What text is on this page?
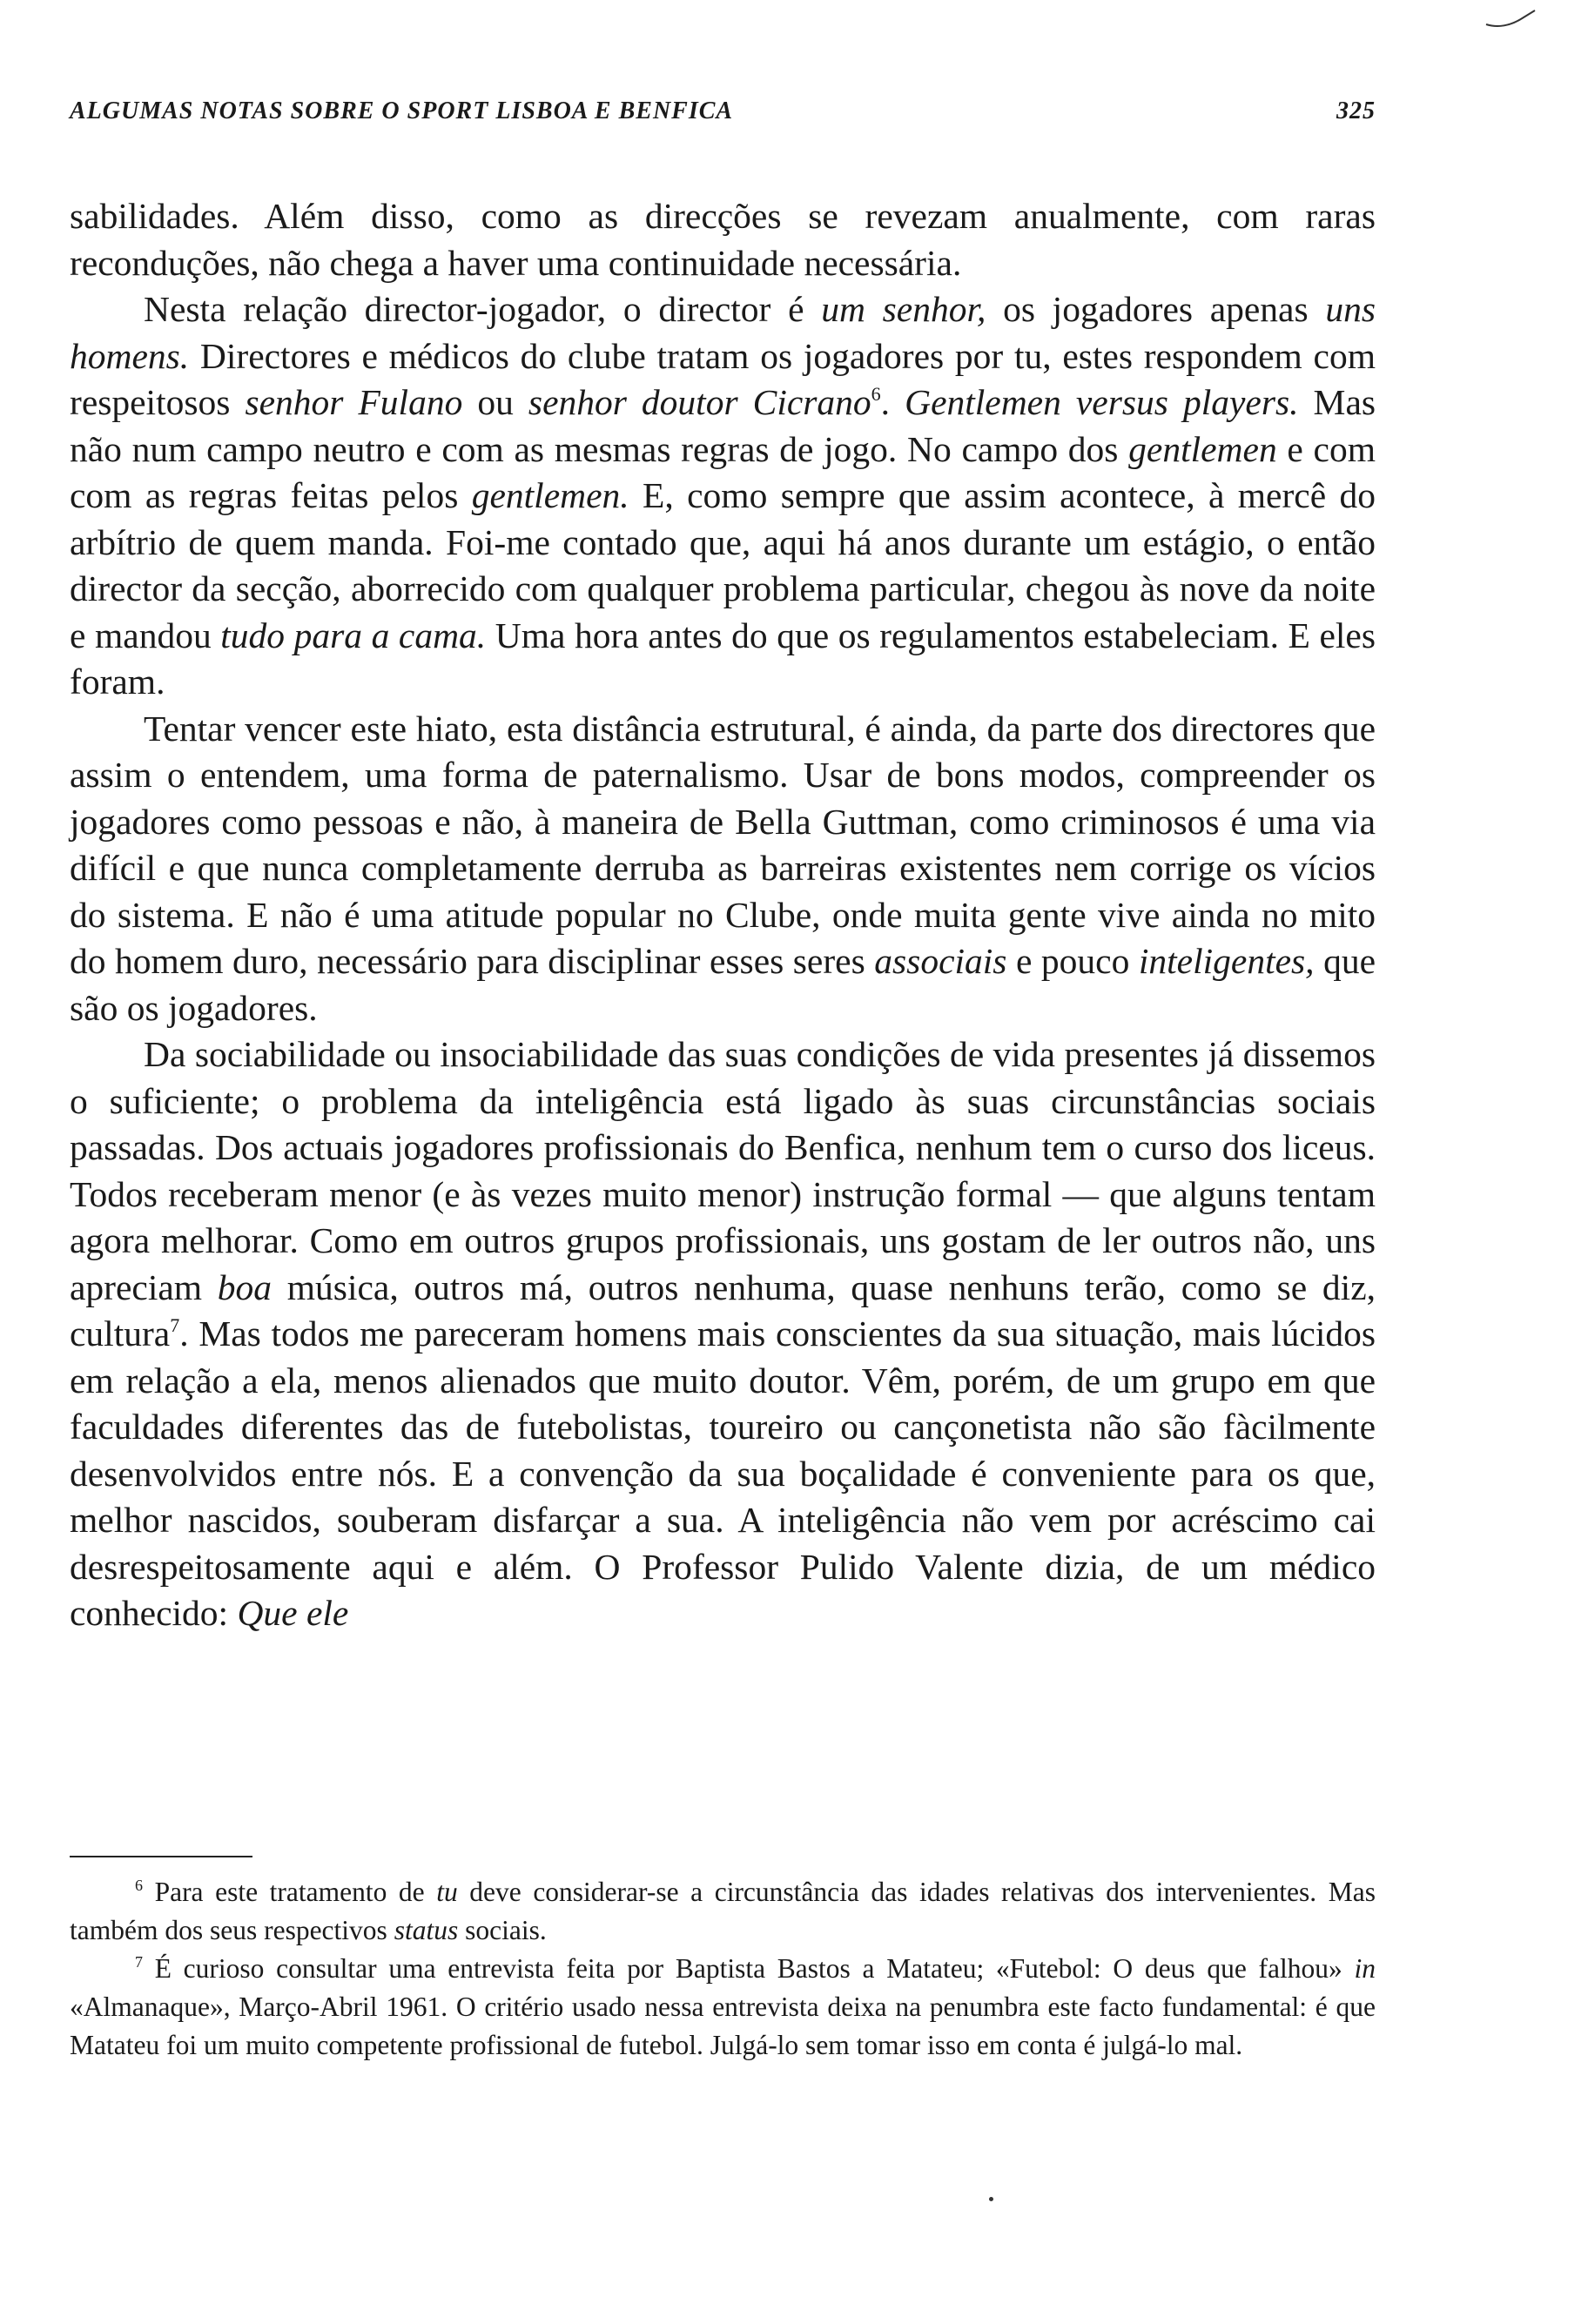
ALGUMAS NOTAS SOBRE O SPORT LISBOA E BENFICA	325

sabilidades. Além disso, como as direcções se revezam anualmente, com raras reconduções, não chega a haver uma continuidade necessária.

Nesta relação director-jogador, o director é um senhor, os jogadores apenas uns homens. Directores e médicos do clube tratam os jogadores por tu, estes respondem com respeitosos senhor Fulano ou senhor doutor Cicrano$^6$. Gentlemen versus players. Mas não num campo neutro e com as mesmas regras de jogo. No campo dos gentlemen e com com as regras feitas pelos gentlemen. E, como sempre que assim acontece, à mercê do arbítrio de quem manda. Foi-me contado que, aqui há anos durante um estágio, o então director da secção, aborrecido com qualquer problema particular, chegou às nove da noite e mandou tudo para a cama. Uma hora antes do que os regulamentos estabeleciam. E eles foram.

Tentar vencer este hiato, esta distância estrutural, é ainda, da parte dos directores que assim o entendem, uma forma de paternalismo. Usar de bons modos, compreender os jogadores como pessoas e não, à maneira de Bella Guttman, como criminosos é uma via difícil e que nunca completamente derruba as barreiras existentes nem corrige os vícios do sistema. E não é uma atitude popular no Clube, onde muita gente vive ainda no mito do homem duro, necessário para disciplinar esses seres associais e pouco inteligentes, que são os jogadores.

Da sociabilidade ou insociabilidade das suas condições de vida presentes já dissemos o suficiente; o problema da inteligência está ligado às suas circunstâncias sociais passadas. Dos actuais jogadores profissionais do Benfica, nenhum tem o curso dos liceus. Todos receberam menor (e às vezes muito menor) instrução formal — que alguns tentam agora melhorar. Como em outros grupos profissionais, uns gostam de ler outros não, uns apreciam boa música, outros má, outros nenhuma, quase nenhuns terão, como se diz, cultura$^7$. Mas todos me pareceram homens mais conscientes da sua situação, mais lúcidos em relação a ela, menos alienados que muito doutor. Vêm, porém, de um grupo em que faculdades diferentes das de futebolistas, toureiro ou cançonetista não são fàcilmente desenvolvidos entre nós. E a convenção da sua boçalidade é conveniente para os que, melhor nascidos, souberam disfarçar a sua. A inteligência não vem por acréscimo cai desrespeitosamente aqui e além. O Professor Pulido Valente dizia, de um médico conhecido: Que ele

$^6$ Para este tratamento de tu deve considerar-se a circunstância das idades relativas dos intervenientes. Mas também dos seus respectivos status sociais.

$^7$ É curioso consultar uma entrevista feita por Baptista Bastos a Matateu; «Futebol: O deus que falhou» in «Almanaque», Março-Abril 1961. O critério usado nessa entrevista deixa na penumbra este facto fundamental: é que Matateu foi um muito competente profissional de futebol. Julgá-lo sem tomar isso em conta é julgá-lo mal.
